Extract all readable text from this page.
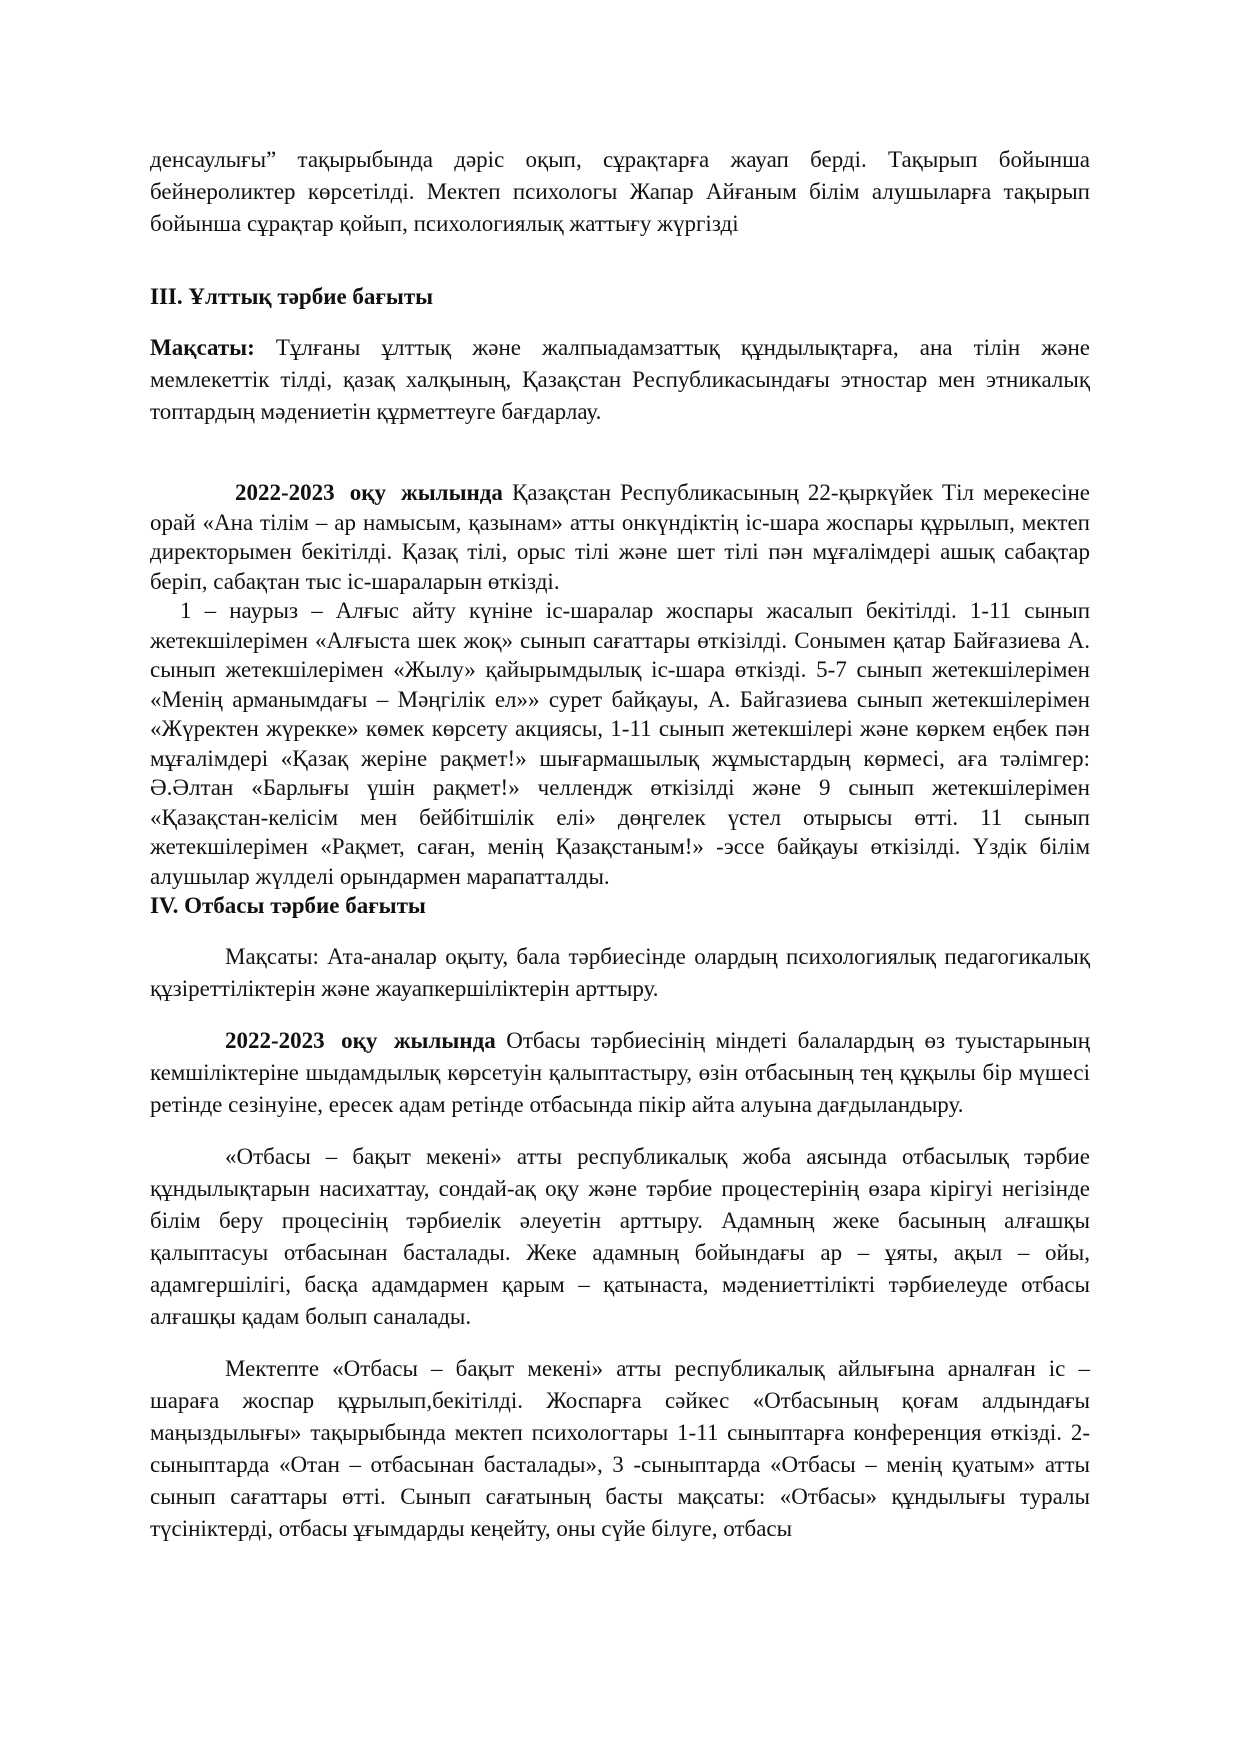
денсаулығы” тақырыбында дәріс оқып, сұрақтарға жауап берді. Тақырып бойынша бейнероликтер көрсетілді. Мектеп психологы Жапар Айғаным білім алушыларға тақырып бойынша сұрақтар қойып, психологиялық жаттығу жүргізді

ІІІ. Ұлттық тәрбие бағыты

Мақсаты: Тұлғаны ұлттық және жалпыадамзаттық құндылықтарға, ана тілін және мемлекеттік тілді, қазақ халқының, Қазақстан Республикасындағы этностар мен этникалық топтардың мәдениетін құрметтеуге бағдарлау.

2022-2023 оқу жылында Қазақстан Республикасының 22-қыркүйек Тіл мерекесіне орай «Ана тілім – ар намысым, қазынам» атты онкүндіктің іс-шара жоспары құрылып, мектеп директорымен бекітілді. Қазақ тілі, орыс тілі және шет тілі пән мұғалімдері ашық сабақтар беріп, сабақтан тыс іс-шараларын өткізді.

1 – наурыз – Алғыс айту күніне іс-шаралар жоспары жасалып бекітілді. 1-11 сынып жетекшілерімен «Алғыста шек жоқ» сынып сағаттары өткізілді. Сонымен қатар Байғазиева А. сынып жетекшілерімен «Жылу» қайырымдылық іс-шара өткізді. 5-7 сынып жетекшілерімен «Менің арманымдағы – Мәңгілік ел»» сурет байқауы, А. Байгазиева сынып жетекшілерімен «Жүректен жүрекке» көмек көрсету акциясы, 1-11 сынып жетекшілері және көркем еңбек пән мұғалімдері «Қазақ жеріне рақмет!» шығармашылық жұмыстардың көрмесі, аға тәлімгер: Ә.Әлтан «Барлығы үшін рақмет!» челлендж өткізілді және 9 сынып жетекшілерімен «Қазақстан-келісім мен бейбітшілік елі» дөңгелек үстел отырысы өтті. 11 сынып жетекшілерімен «Рақмет, саған, менің Қазақстаным!» -эссе байқауы өткізілді. Үздік білім алушылар жүлделі орындармен марапатталды.

ІV. Отбасы тәрбие бағыты

Мақсаты: Ата-аналар оқыту, бала тәрбиесінде олардың психологиялық педагогикалық құзіреттіліктерін және жауапкершіліктерін арттыру.

2022-2023 оқу жылында Отбасы тәрбиесінің міндеті балалардың өз туыстарының кемшіліктеріне шыдамдылық көрсетуін қалыптастыру, өзін отбасының тең құқылы бір мүшесі ретінде сезінуіне, ересек адам ретінде отбасында пікір айта алуына дағдыландыру.

«Отбасы – бақыт мекені» атты республикалық жоба аясында отбасылық тәрбие құндылықтарын насихаттау, сондай-ақ оқу және тәрбие процестерінің өзара кірігуі негізінде білім беру процесінің тәрбиелік әлеуетін арттыру. Адамның жеке басының алғашқы қалыптасуы отбасынан басталады. Жеке адамның бойындағы ар – ұяты, ақыл – ойы, адамгершілігі, басқа адамдармен қарым – қатынаста, мәдениеттілікті тәрбиелеуде отбасы алғашқы қадам болып саналады.

Мектепте «Отбасы – бақыт мекені» атты республикалық айлығына арналған іс – шараға жоспар құрылып,бекітілді. Жоспарға сәйкес «Отбасының қоғам алдындағы маңыздылығы» тақырыбында мектеп психологтары 1-11 сыныптарға конференция өткізді. 2- сыныптарда «Отан – отбасынан басталады», 3 -сыныптарда «Отбасы – менің қуатым» атты сынып сағаттары өтті. Сынып сағатының басты мақсаты: «Отбасы» құндылығы туралы түсініктерді, отбасы ұғымдарды кеңейту, оны сүйе білуге, отбасы
